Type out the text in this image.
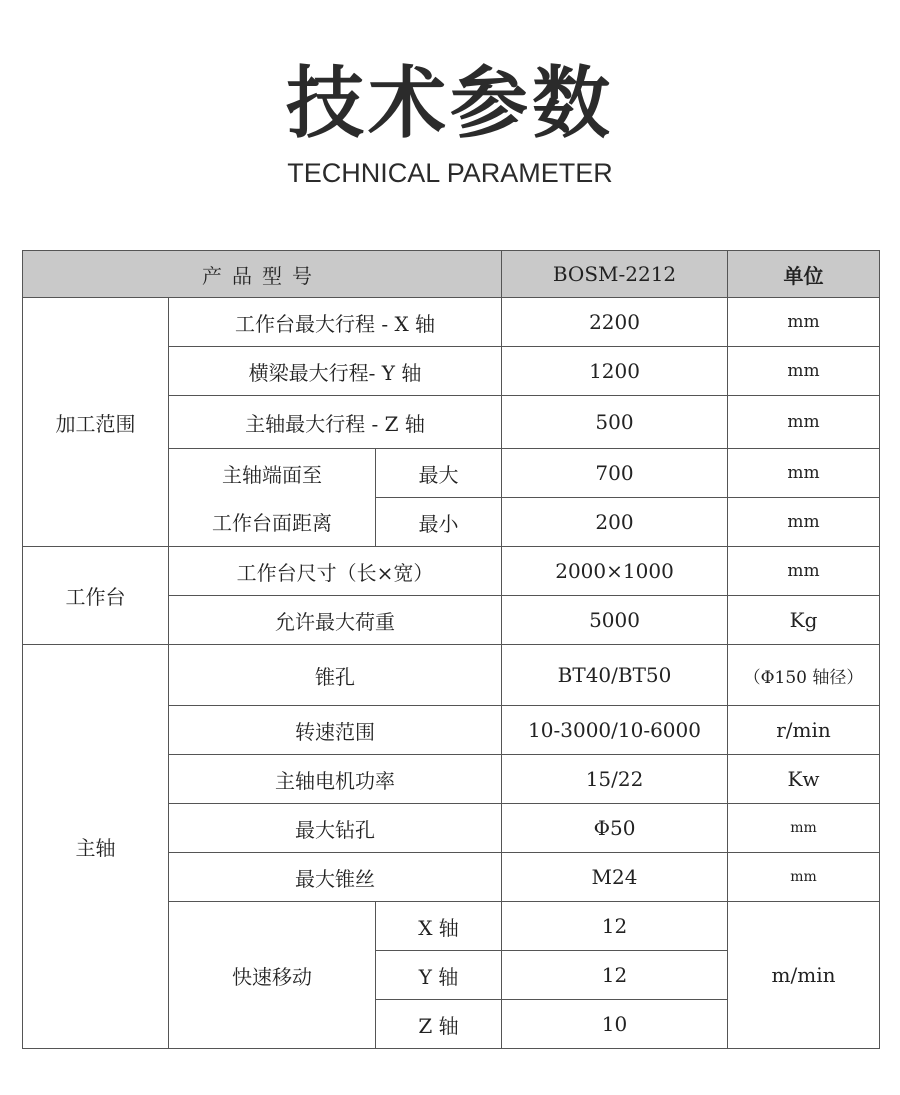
技术参数
TECHNICAL PARAMETER
产品型号			BOSM-2212	单位
加工范围	工作台最大行程 - X 轴		2200	mm
	横梁最大行程- Y 轴		1200	mm
	主轴最大行程 - Z 轴		500	mm
	主轴端面至	最大	700	mm
	工作台面距离	最小	200	mm
工作台	工作台尺寸（长×宽）		2000×1000	mm
	允许最大荷重		5000	Kg
主轴	锥孔		BT40/BT50	（Φ150 轴径）
	转速范围		10-3000/10-6000	r/min
	主轴电机功率		15/22	Kw
	最大钻孔		Φ50	mm
	最大锥丝		M24	mm
	快速移动	X 轴	12	m/min
		Y 轴	12	
		Z 轴	10	
